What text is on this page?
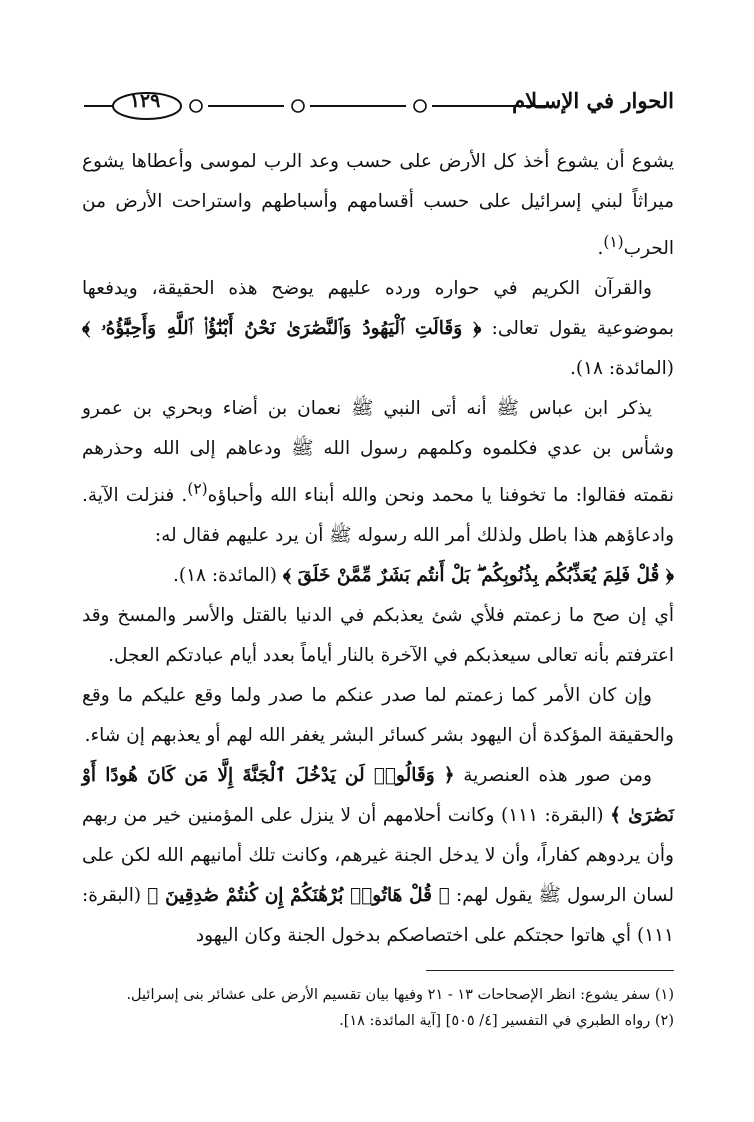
الحوار في الإسـلام
١٢٩

يشوع أن يشوع أخذ كل الأرض على حسب وعد الرب لموسى وأعطاها يشوع ميراثاً لبني إسرائيل على حسب أقسامهم وأسباطهم واستراحت الأرض من الحرب$^{(١)}$.

والقرآن الكريم في حواره ورده عليهم يوضح هذه الحقيقة، ويدفعها بموضوعية يقول تعالى: ﴿ وَقَالَتِ ٱلْيَهُودُ وَٱلنَّصَٰرَىٰ نَحْنُ أَبْنَٰٓؤُا۟ ٱللَّهِ وَأَحِبَّٰٓؤُهُۥ ﴾ (المائدة: ١٨).

يذكر ابن عباس ﷺ أنه أتى النبي ﷺ نعمان بن أضاء وبحري بن عمرو وشأس بن عدي فكلموه وكلمهم رسول الله ﷺ ودعاهم إلى الله وحذرهم نقمته فقالوا: ما تخوفنا يا محمد ونحن والله أبناء الله وأحباؤه$^{(٢)}$. فنزلت الآية. وادعاؤهم هذا باطل ولذلك أمر الله رسوله ﷺ أن يرد عليهم فقال له:

﴿ قُلْ فَلِمَ يُعَذِّبُكُم بِذُنُوبِكُم ۖ بَلْ أَنتُم بَشَرٌ مِّمَّنْ خَلَقَ ﴾ (المائدة: ١٨).

أي إن صح ما زعمتم فلأي شئ يعذبكم في الدنيا بالقتل والأسر والمسخ وقد اعترفتم بأنه تعالى سيعذبكم في الآخرة بالنار أياماً بعدد أيام عبادتكم العجل.

وإن كان الأمر كما زعمتم لما صدر عنكم ما صدر ولما وقع عليكم ما وقع والحقيقة المؤكدة أن اليهود بشر كسائر البشر يغفر الله لهم أو يعذبهم إن شاء.

ومن صور هذه العنصرية ﴿ وَقَالُوا۟ لَن يَدْخُلَ ٱلْجَنَّةَ إِلَّا مَن كَانَ هُودًا أَوْ نَصَٰرَىٰ ﴾ (البقرة: ١١١) وكانت أحلامهم أن لا ينزل على المؤمنين خير من ربهم وأن يردوهم كفاراً، وأن لا يدخل الجنة غيرهم، وكانت تلك أمانيهم الله لكن على لسان الرسول ﷺ يقول لهم: ﴿ قُلْ هَاتُوا۟ بُرْهَٰنَكُمْ إِن كُنتُمْ صَٰدِقِينَ ﴾ (البقرة: ١١١) أي هاتوا حجتكم على اختصاصكم بدخول الجنة وكان اليهود

(١) سفر يشوع: انظر الإصحاحات ١٣ - ٢١ وفيها بيان تقسيم الأرض على عشائر بنى إسرائيل.
(٢) رواه الطبري في التفسير [٤/ ٥٠٥] [آية المائدة: ١٨].
